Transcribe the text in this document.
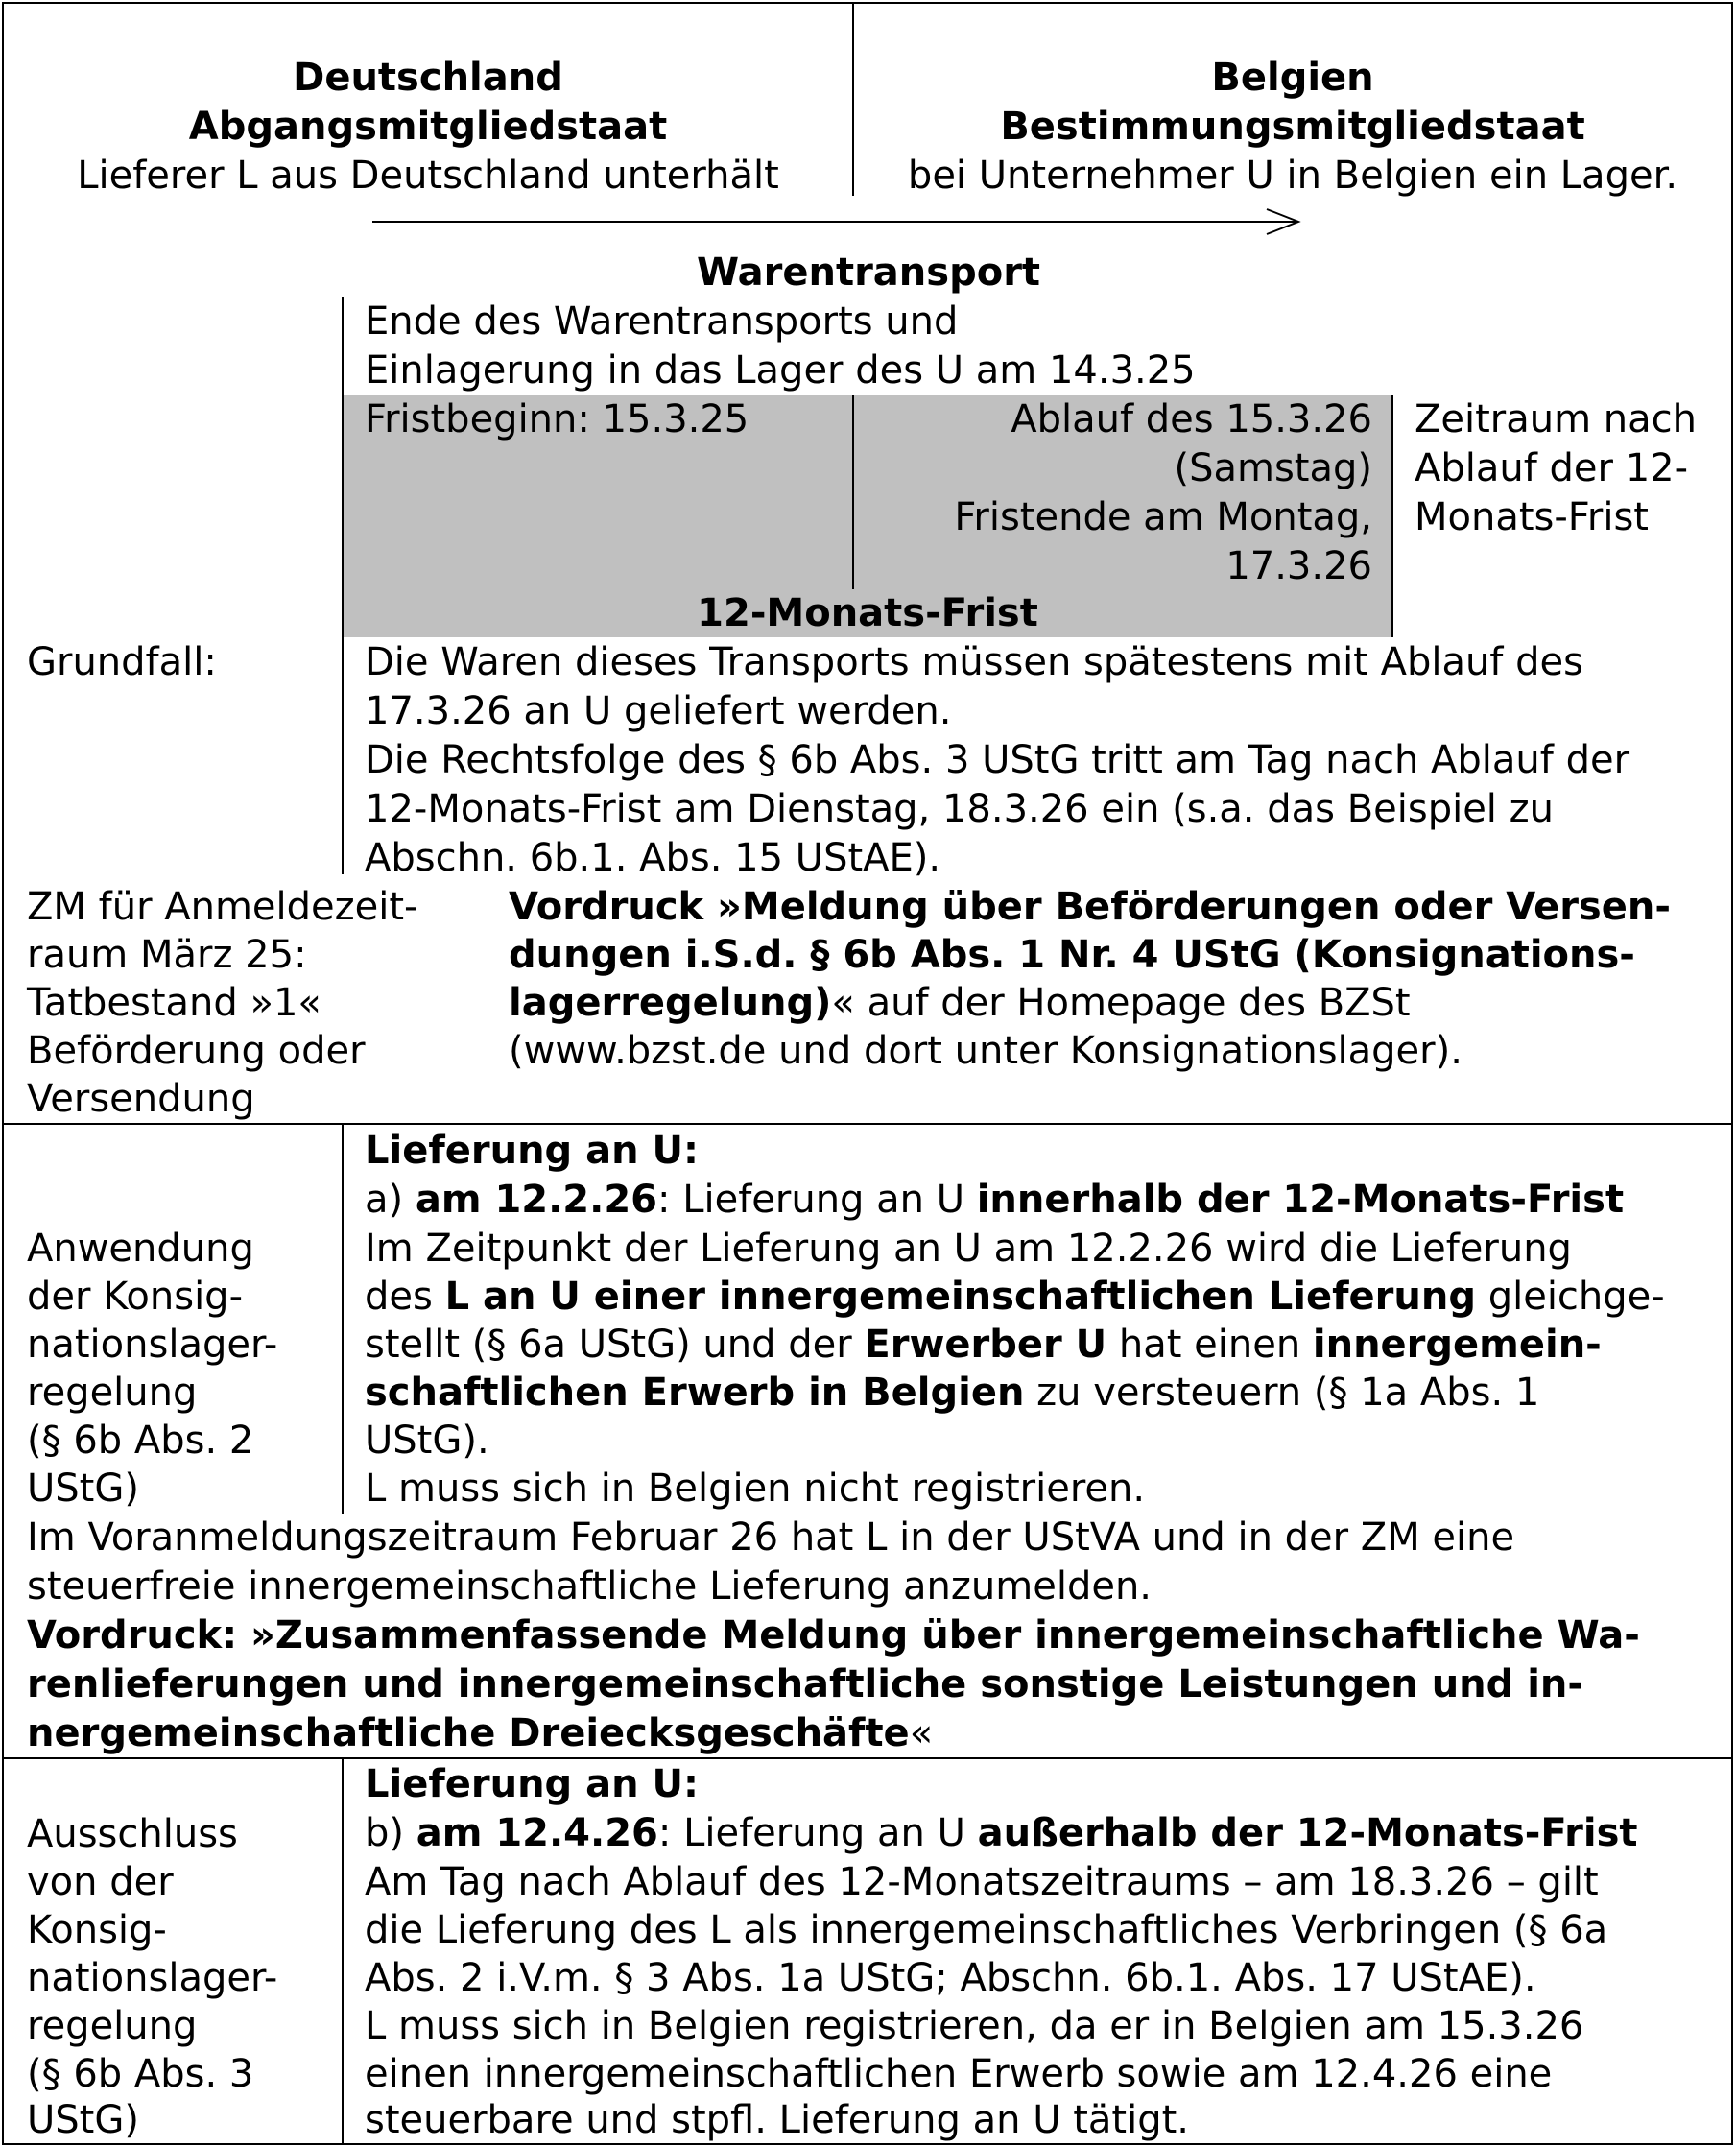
Deutschland
Abgangsmitgliedstaat
Lieferer L aus Deutschland unterhält
Belgien
Bestimmungsmitgliedstaat
bei Unternehmer U in Belgien ein Lager.
Warentransport
Ende des Warentransports und
Einlagerung in das Lager des U am 14.3.25
Fristbeginn: 15.3.25	Ablauf des 15.3.26
(Samstag)
Fristende am Montag,
17.3.26
Zeitraum nach
Ablauf der 12-
Monats-Frist
12-Monats-Frist
Grundfall:	Die Waren dieses Transports müssen spätestens mit Ablauf des
17.3.26 an U geliefert werden.
Die Rechtsfolge des § 6b Abs. 3 UStG tritt am Tag nach Ablauf der
12-Monats-Frist am Dienstag, 18.3.26 ein (s.a. das Beispiel zu
Abschn. 6b.1. Abs. 15 UStAE).
ZM für Anmeldezeit-
raum März 25:
Tatbestand »1«
Beförderung oder
Versendung
Vordruck »Meldung über Beförderungen oder Versen-
dungen i.S.d. § 6b Abs. 1 Nr. 4 UStG (Konsignations-
lagerregelung)« auf der Homepage des BZSt
(www.bzst.de und dort unter Konsignationslager).
Anwendung
der Konsig-
nationslager-
regelung
(§ 6b Abs. 2
UStG)
Lieferung an U:
a) am 12.2.26: Lieferung an U innerhalb der 12-Monats-Frist
Im Zeitpunkt der Lieferung an U am 12.2.26 wird die Lieferung
des L an U einer innergemeinschaftlichen Lieferung gleichge-
stellt (§ 6a UStG) und der Erwerber U hat einen innergemein-
schaftlichen Erwerb in Belgien zu versteuern (§ 1a Abs. 1
UStG).
L muss sich in Belgien nicht registrieren.
Im Voranmeldungszeitraum Februar 26 hat L in der UStVA und in der ZM eine
steuerfreie innergemeinschaftliche Lieferung anzumelden.
Vordruck: »Zusammenfassende Meldung über innergemeinschaftliche Wa-
renlieferungen und innergemeinschaftliche sonstige Leistungen und in-
nergemeinschaftliche Dreiecksgeschäfte«
Ausschluss
von der
Konsig-
nationslager-
regelung
(§ 6b Abs. 3
UStG)
Lieferung an U:
b) am 12.4.26: Lieferung an U außerhalb der 12-Monats-Frist
Am Tag nach Ablauf des 12-Monatszeitraums – am 18.3.26 – gilt
die Lieferung des L als innergemeinschaftliches Verbringen (§ 6a
Abs. 2 i.V.m. § 3 Abs. 1a UStG; Abschn. 6b.1. Abs. 17 UStAE).
L muss sich in Belgien registrieren, da er in Belgien am 15.3.26
einen innergemeinschaftlichen Erwerb sowie am 12.4.26 eine
steuerbare und stpfl. Lieferung an U tätigt.
